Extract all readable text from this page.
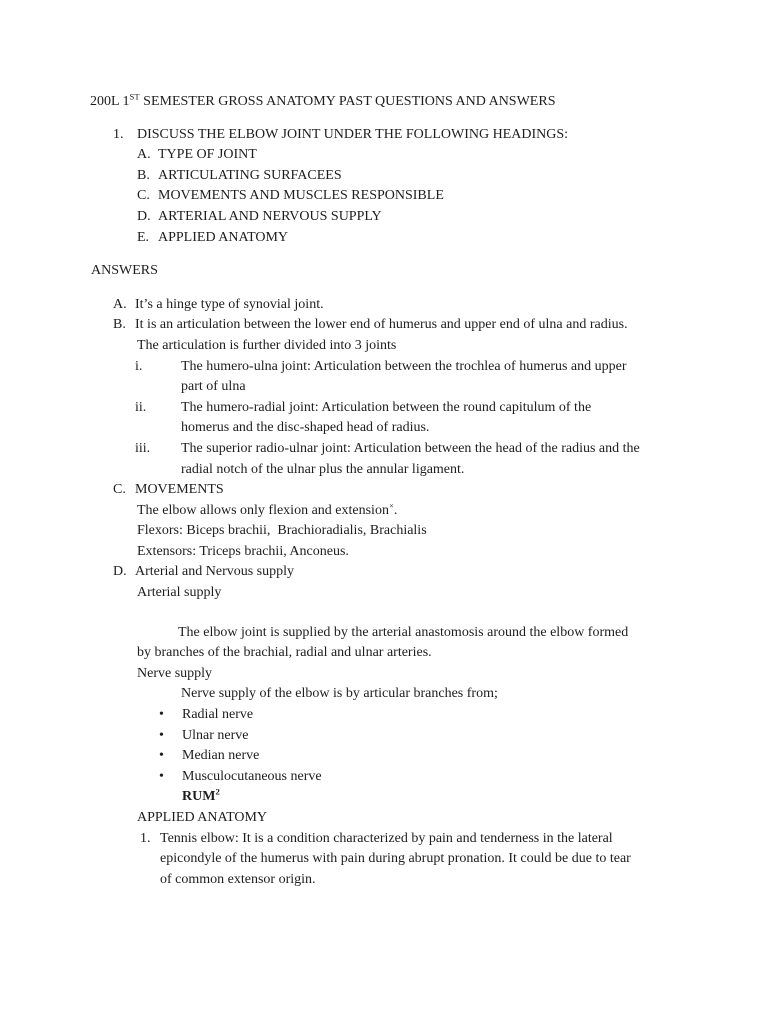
200L 1ST SEMESTER GROSS ANATOMY PAST QUESTIONS AND ANSWERS
1. DISCUSS THE ELBOW JOINT UNDER THE FOLLOWING HEADINGS:
A. TYPE OF JOINT
B. ARTICULATING SURFACEES
C. MOVEMENTS AND MUSCLES RESPONSIBLE
D. ARTERIAL AND NERVOUS SUPPLY
E. APPLIED ANATOMY
ANSWERS
A. It’s a hinge type of synovial joint.
B. It is an articulation between the lower end of humerus and upper end of ulna and radius.
The articulation is further divided into 3 joints
i.	The humero-ulna joint: Articulation between the trochlea of humerus and upper
part of ulna
ii.	The humero-radial joint: Articulation between the round capitulum of the
homerus and the disc-shaped head of radius.
iii.	The superior radio-ulnar joint: Articulation between the head of the radius and the
radial notch of the ulnar plus the annular ligament.
C. MOVEMENTS
The elbow allows only flexion and extension×.
Flexors: Biceps brachii,  Brachioradialis, Brachialis
Extensors: Triceps brachii, Anconeus.
D. Arterial and Nervous supply
Arterial supply
The elbow joint is supplied by the arterial anastomosis around the elbow formed
by branches of the brachial, radial and ulnar arteries.
Nerve supply
Nerve supply of the elbow is by articular branches from;
•	Radial nerve
•	Ulnar nerve
•	Median nerve
•	Musculocutaneous nerve
RUM$^2$
APPLIED ANATOMY
1. Tennis elbow: It is a condition characterized by pain and tenderness in the lateral
epicondyle of the humerus with pain during abrupt pronation. It could be due to tear
of common extensor origin.
